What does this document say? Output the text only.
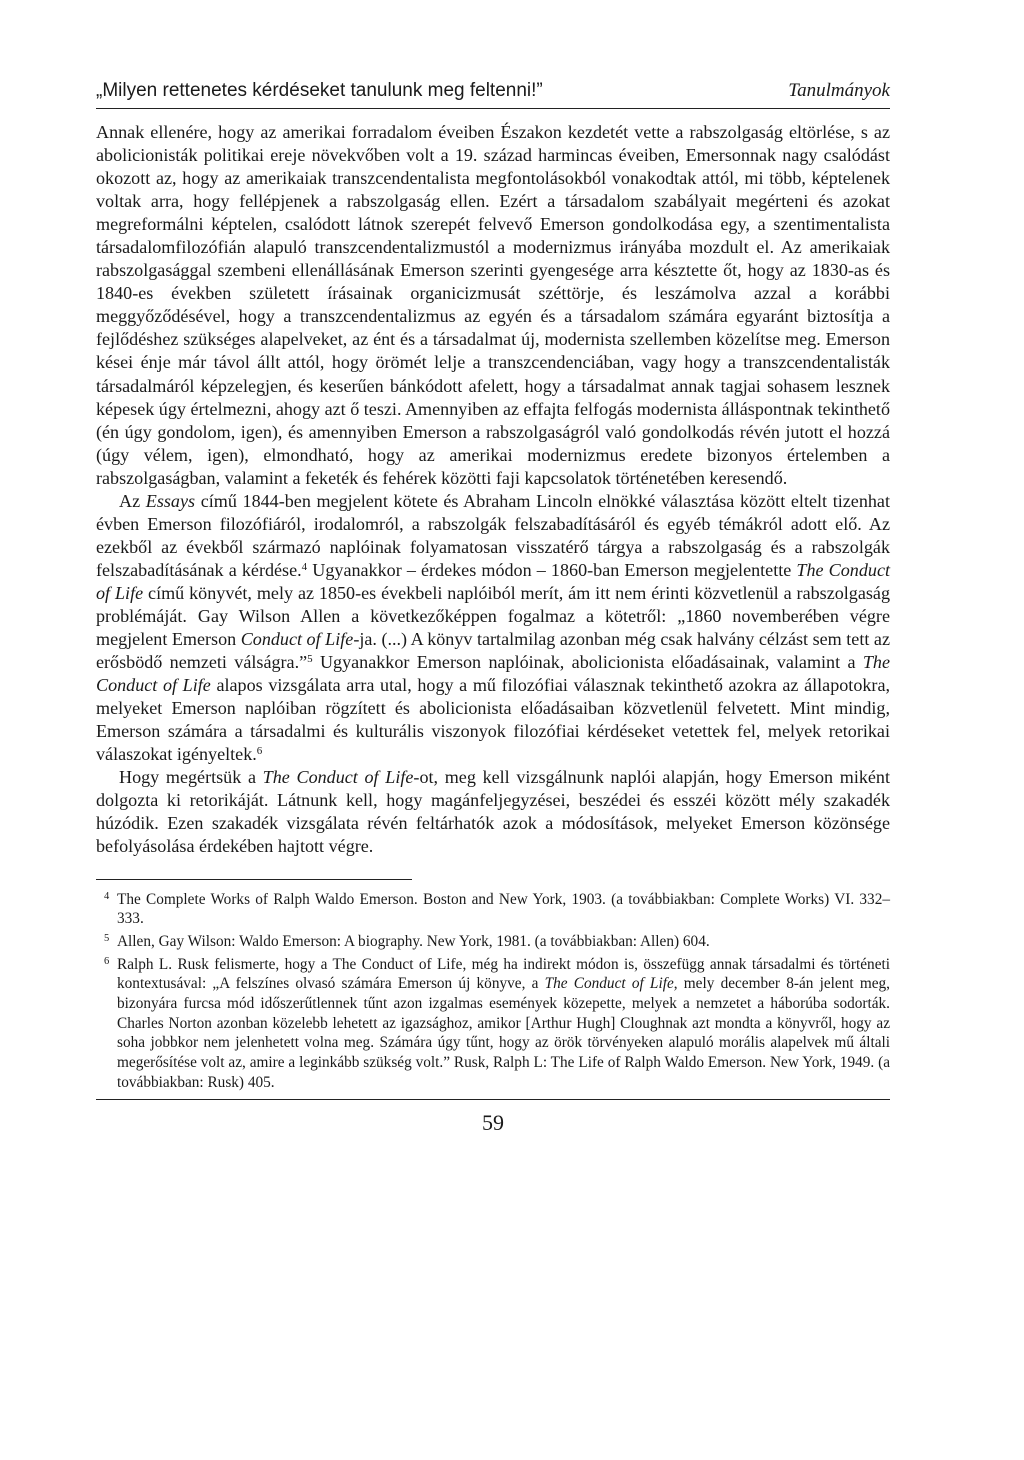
„Milyen rettenetes kérdéseket tanulunk meg feltenni!”	Tanulmányok

Annak ellenére, hogy az amerikai forradalom éveiben Északon kezdetét vette a rabszolgaság eltörlése, s az abolicionisták politikai ereje növekvőben volt a 19. század harmincas éveiben, Emersonnak nagy csalódást okozott az, hogy az amerikaiak transzcendentalista megfontolásokból vonakodtak attól, mi több, képtelenek voltak arra, hogy fellépjenek a rabszolgaság ellen. Ezért a társadalom szabályait megérteni és azokat megreformálni képtelen, csalódott látnok szerepét felvevő Emerson gondolkodása egy, a szentimentalista társadalomfilozófián alapuló transzcendentalizmustól a modernizmus irányába mozdult el. Az amerikaiak rabszolgasággal szembeni ellenállásának Emerson szerinti gyengesége arra késztette őt, hogy az 1830-as és 1840-es években született írásainak organicizmusát széttörje, és leszámolva azzal a korábbi meggyőződésével, hogy a transzcendentalizmus az egyén és a társadalom számára egyaránt biztosítja a fejlődéshez szükséges alapelveket, az ént és a társadalmat új, modernista szellemben közelítse meg. Emerson kései énje már távol állt attól, hogy örömét lelje a transzcendenciában, vagy hogy a transzcendentalisták társadalmáról képzelegjen, és keserűen bánkódott afelett, hogy a társadalmat annak tagjai sohasem lesznek képesek úgy értelmezni, ahogy azt ő teszi. Amennyiben az effajta felfogás modernista álláspontnak tekinthető (én úgy gondolom, igen), és amennyiben Emerson a rabszolgaságról való gondolkodás révén jutott el hozzá (úgy vélem, igen), elmondható, hogy az amerikai modernizmus eredete bizonyos értelemben a rabszolgaságban, valamint a feketék és fehérek közötti faji kapcsolatok történetében keresendő.

Az Essays című 1844-ben megjelent kötete és Abraham Lincoln elnökké választása között eltelt tizenhat évben Emerson filozófiáról, irodalomról, a rabszolgák felszabadításáról és egyéb témákról adott elő. Az ezekből az évekből származó naplóinak folyamatosan visszatérő tárgya a rabszolgaság és a rabszolgák felszabadításának a kérdése.$^4$ Ugyanakkor – érdekes módon – 1860-ban Emerson megjelentette The Conduct of Life című könyvét, mely az 1850-es évekbeli naplóiból merít, ám itt nem érinti közvetlenül a rabszolgaság problémáját. Gay Wilson Allen a következőképpen fogalmaz a kötetről: „1860 novemberében végre megjelent Emerson Conduct of Life-ja. (...) A könyv tartalmilag azonban még csak halvány célzást sem tett az erősbödő nemzeti válságra.”$^5$ Ugyanakkor Emerson naplóinak, abolicionista előadásainak, valamint a The Conduct of Life alapos vizsgálata arra utal, hogy a mű filozófiai válasznak tekinthető azokra az állapotokra, melyeket Emerson naplóiban rögzített és abolicionista előadásaiban közvetlenül felvetett. Mint mindig, Emerson számára a társadalmi és kulturális viszonyok filozófiai kérdéseket vetettek fel, melyek retorikai válaszokat igényeltek.$^6$

Hogy megértsük a The Conduct of Life-ot, meg kell vizsgálnunk naplói alapján, hogy Emerson miként dolgozta ki retorikáját. Látnunk kell, hogy magánfeljegyzései, beszédei és esszéi között mély szakadék húzódik. Ezen szakadék vizsgálata révén feltárhatók azok a módosítások, melyeket Emerson közönsége befolyásolása érdekében hajtott végre.

4 The Complete Works of Ralph Waldo Emerson. Boston and New York, 1903. (a továbbiakban: Complete Works) VI. 332–333.

5 Allen, Gay Wilson: Waldo Emerson: A biography. New York, 1981. (a továbbiakban: Allen) 604.

6 Ralph L. Rusk felismerte, hogy a The Conduct of Life, még ha indirekt módon is, összefügg annak társadalmi és történeti kontextusával: „A felszínes olvasó számára Emerson új könyve, a The Conduct of Life, mely december 8-án jelent meg, bizonyára furcsa mód időszerűtlennek tűnt azon izgalmas események közepette, melyek a nemzetet a háborúba sodorták. Charles Norton azonban közelebb lehetett az igazsághoz, amikor [Arthur Hugh] Cloughnak azt mondta a könyvről, hogy az soha jobbkor nem jelenhetett volna meg. Számára úgy tűnt, hogy az örök törvényeken alapuló morális alapelvek mű általi megerősítése volt az, amire a leginkább szükség volt.” Rusk, Ralph L: The Life of Ralph Waldo Emerson. New York, 1949. (a továbbiakban: Rusk) 405.

59
